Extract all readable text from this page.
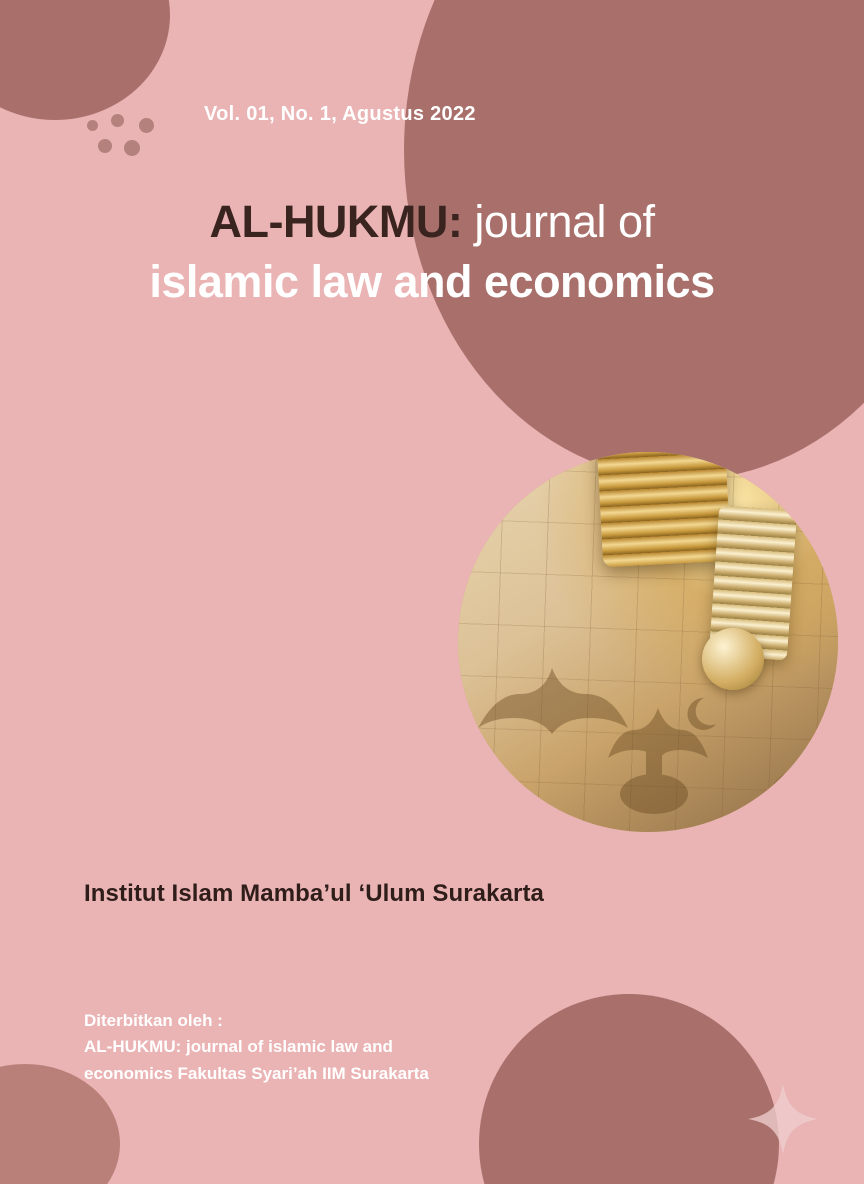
Vol. 01, No. 1, Agustus 2022
AL-HUKMU: journal of
islamic law and economics
Institut Islam Mamba’ul ‘Ulum Surakarta
Diterbitkan oleh :
AL-HUKMU: journal of islamic law and
economics Fakultas Syari’ah IIM Surakarta
